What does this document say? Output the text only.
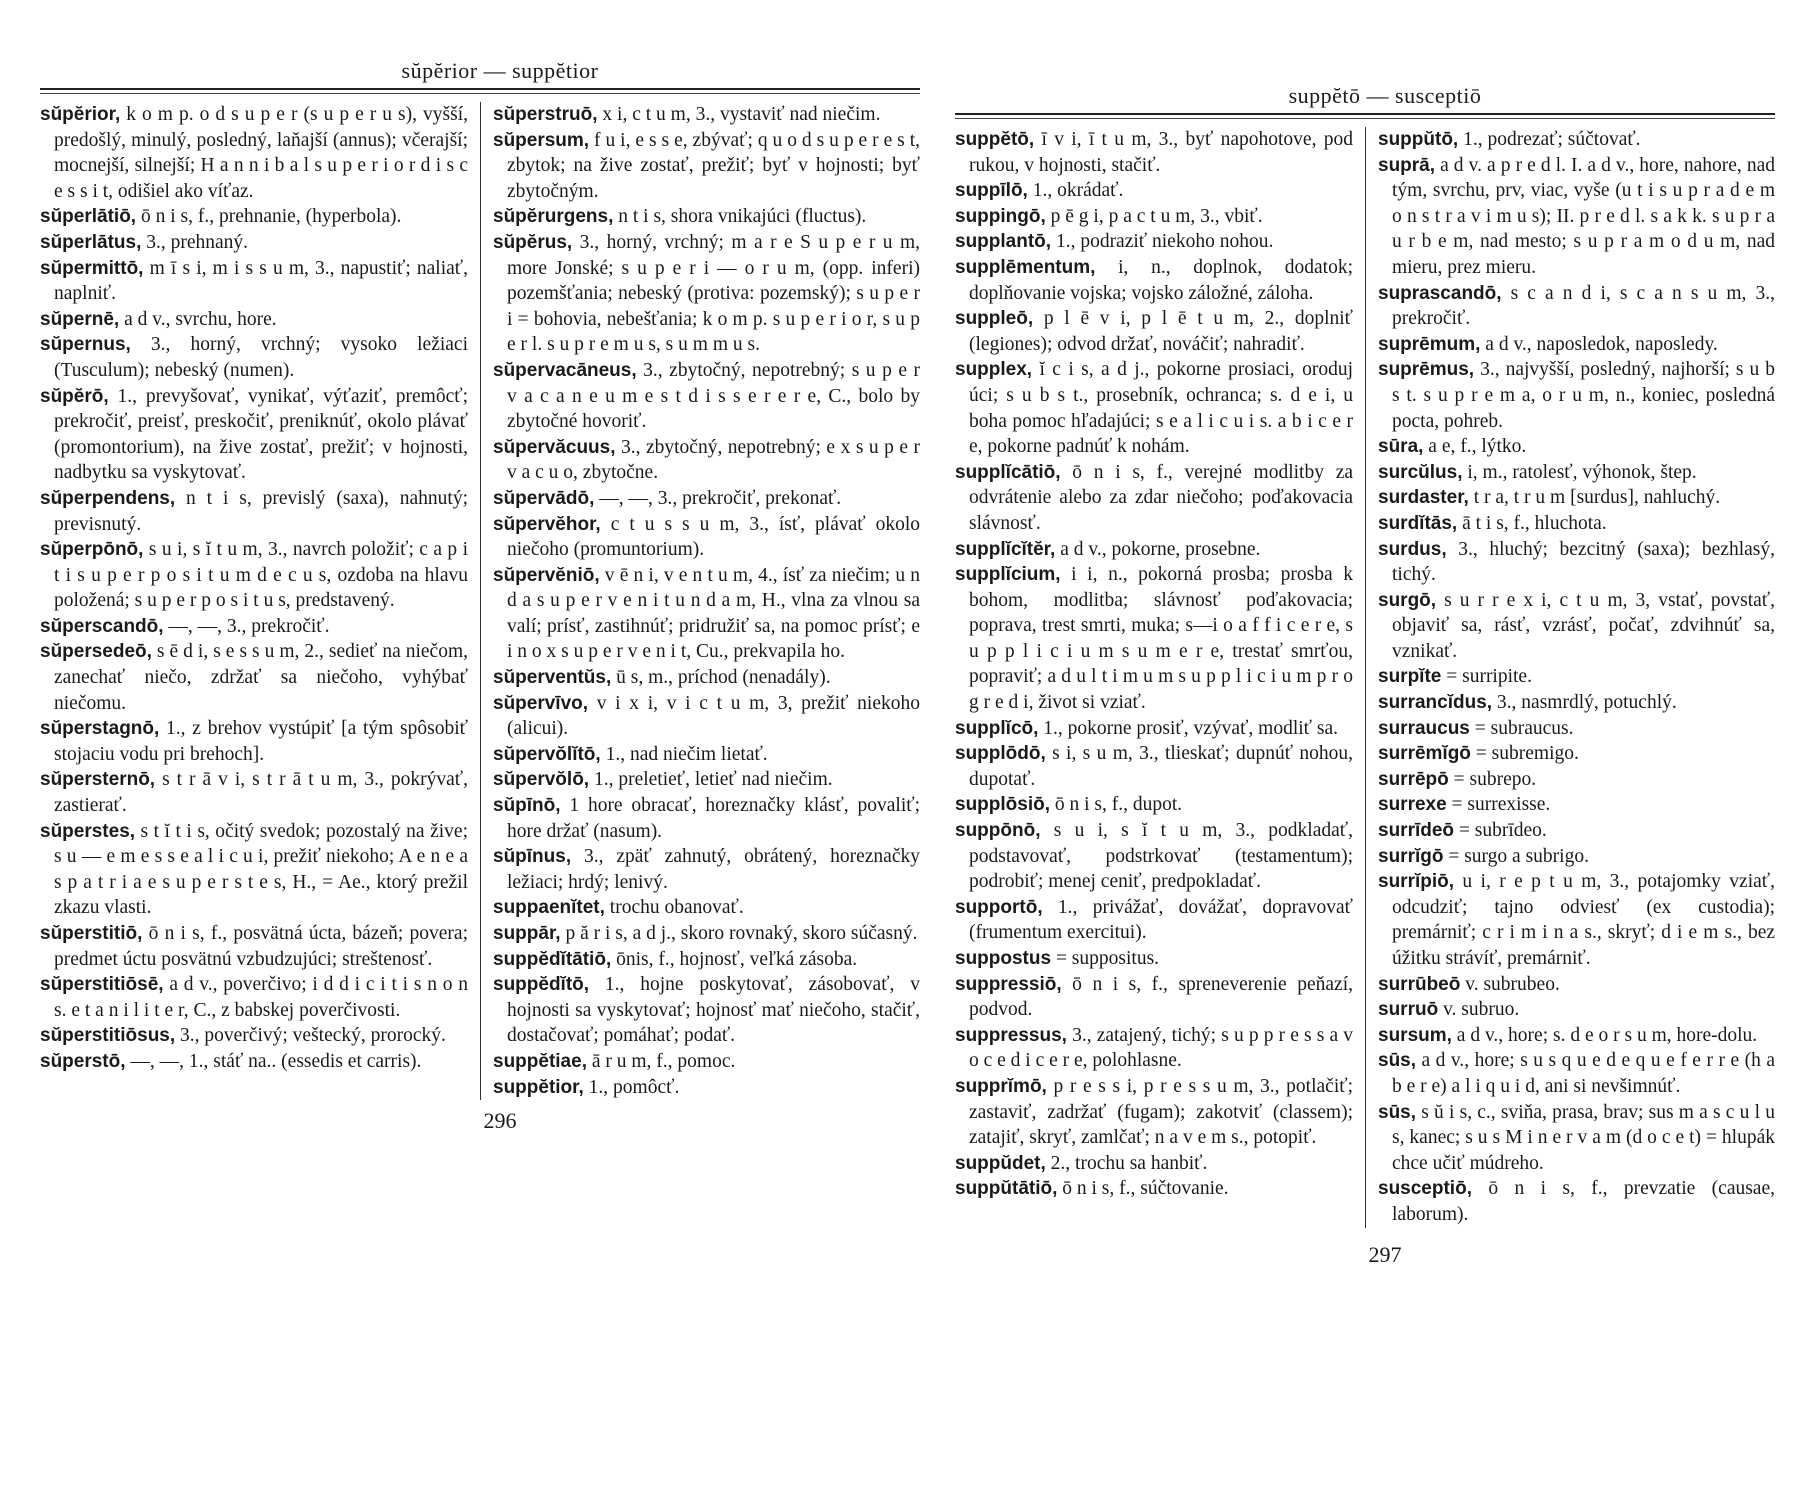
sŭpĕrior — suppĕtior

sŭpĕrior, k o m p. o d s u p e r (s u p e r u s), vyšší, predošlý, minulý, posledný, laňajší (annus); včerajší; mocnejší, silnejší; H a n n i b a l s u p e r i o r d i s c e s s i t, odišiel ako víťaz.

sŭperlātiō, ō n i s, f., prehnanie, (hyperbola).

sŭperlātus, 3., prehnaný.

sŭpermittō, m ī s i, m i s s u m, 3., napustiť; naliať, naplniť.

sŭpernē, a d v., svrchu, hore.

sŭpernus, 3., horný, vrchný; vysoko ležiaci (Tusculum); nebeský (numen).

sŭpĕrō, 1., prevyšovať, vynikať, výťaziť, premôcť; prekročiť, preisť, preskočiť, preniknúť, okolo plávať (promontorium), na žive zostať, prežiť; v hojnosti, nadbytku sa vyskytovať.

sŭperpendens, n t i s, previslý (saxa), nahnutý; previsnutý.

sŭperpōnō, s u i, s ĭ t u m, 3., navrch položiť; c a p i t i s u p e r p o s i t u m d e c u s, ozdoba na hlavu položená; s u p e r p o s i t u s, predstavený.

sŭperscandō, —, —, 3., prekročiť.

sŭpersedeō, s ē d i, s e s s u m, 2., sedieť na niečom, zanechať niečo, zdržať sa niečoho, vyhýbať niečomu.

sŭperstagnō, 1., z brehov vystúpiť [a tým spôsobiť stojaciu vodu pri brehoch].

sŭpersternō, s t r ā v i, s t r ā t u m, 3., pokrývať, zastierať.

sŭperstes, s t ĭ t i s, očitý svedok; pozostalý na žive; s u — e m e s s e a l i c u i, prežiť niekoho; A e n e a s p a t r i a e s u p e r s t e s, H., = Ae., ktorý prežil zkazu vlasti.

sŭperstitiō, ō n i s, f., posvätná úcta, bázeň; povera; predmet úctu posvätnú vzbudzujúci; streštenosť.

sŭperstitiōsē, a d v., poverčivo; i d d i c i t i s n o n s. e t a n i l i t e r, C., z babskej poverčivosti.

sŭperstitiōsus, 3., poverčivý; veštecký, prorocký.

sŭperstō, —, —, 1., stáť na.. (essedis et carris).

sŭperstruō, x i, c t u m, 3., vystaviť nad niečim.

sŭpersum, f u i, e s s e, zbývať; q u o d s u p e r e s t, zbytok; na žive zostať, prežiť; byť v hojnosti; byť zbytočným.

sŭpĕrurgens, n t i s, shora vnikajúci (fluctus).

sŭpĕrus, 3., horný, vrchný; m a r e S u p e r u m, more Jonské; s u p e r i — o r u m, (opp. inferi) pozemšťania; nebeský (protiva: pozemský); s u p e r i = bohovia, nebešťania; k o m p. s u p e r i o r, s u p e r l. s u p r e m u s, s u m m u s.

sŭpervacāneus, 3., zbytočný, nepotrebný; s u p e r v a c a n e u m e s t d i s s e r e r e, C., bolo by zbytočné hovoriť.

sŭpervăcuus, 3., zbytočný, nepotrebný; e x s u p e r v a c u o, zbytočne.

sŭpervādō, —, —, 3., prekročiť, prekonať.

sŭpervĕhor, c t u s s u m, 3., ísť, plávať okolo niečoho (promuntorium).

sŭpervĕniō, v ē n i, v e n t u m, 4., ísť za niečim; u n d a s u p e r v e n i t u n d a m, H., vlna za vlnou sa valí; prísť, zastihnúť; pridružiť sa, na pomoc prísť; e i n o x s u p e r v e n i t, Cu., prekvapila ho.

sŭperventŭs, ū s, m., príchod (nenadály).

sŭpervīvo, v i x i, v i c t u m, 3, prežiť niekoho (alicui).

sŭpervŏlĭtō, 1., nad niečim lietať.

sŭpervŏlō, 1., preletieť, letieť nad niečim.

sŭpīnō, 1 hore obracať, horeznačky klásť, povaliť; hore držať (nasum).

sŭpīnus, 3., zpäť zahnutý, obrátený, horeznačky ležiaci; hrdý; lenivý.

suppaenĭtet, trochu obanovať.

suppār, p ă r i s, a d j., skoro rovnaký, skoro súčasný.

suppĕdĭtātiō, ōnis, f., hojnosť, veľká zásoba.

suppĕdĭtō, 1., hojne poskytovať, zásobovať, v hojnosti sa vyskytovať; hojnosť mať niečoho, stačiť, dostačovať; pomáhať; podať.

suppĕtiae, ā r u m, f., pomoc.

suppĕtior, 1., pomôcť.

296
suppĕtō — susceptiō

suppĕtō, ī v i, ī t u m, 3., byť napohotove, pod rukou, v hojnosti, stačiť.

suppīlō, 1., okrádať.

suppingō, p ē g i, p a c t u m, 3., vbiť.

supplantō, 1., podraziť niekoho nohou.

supplēmentum, i, n., doplnok, dodatok; doplňovanie vojska; vojsko záložné, záloha.

suppleō, p l ē v i, p l ē t u m, 2., doplniť (legiones); odvod držať, nováčiť; nahradiť.

supplex, ĭ c i s, a d j., pokorne prosiaci, oroduj​úci; s u b s t., prosebník, ochranca; s. d e i, u boha pomoc hľadajúci; s e a l i c u i s. a b i c e r e, pokorne padnúť k nohám.

supplĭcātiō, ō n i s, f., verejné modlitby za odvrátenie alebo za zdar niečoho; poďakovacia slávnosť.

supplĭcĭtĕr, a d v., pokorne, prosebne.

supplĭcium, i i, n., pokorná prosba; prosba k bohom, modlitba; slávnosť poďakovacia; poprava, trest smrti, muka; s—i o a f f i c e r e, s u p p l i c i u m s u m e r e, trestať smrťou, popraviť; a d u l t i m u m s u p p l i c i u m p r o g r e d i, život si vziať.

supplĭcō, 1., pokorne prosiť, vzývať, modliť sa.

supplōdō, s i, s u m, 3., tlieskať; dupnúť nohou, dupotať.

supplōsiō, ō n i s, f., dupot.

suppōnō, s u i, s ĭ t u m, 3., podkladať, podstavovať, podstrkovať (testamentum); podrobiť; menej ceniť, predpokladať.

supportō, 1., privážať, dovážať, dopravovať (frumentum exercitui).

suppostus = suppositus.

suppressiō, ō n i s, f., spreneverenie peňazí, podvod.

suppressus, 3., zatajený, tichý; s u p p r e s s a v o c e d i c e r e, polohlasne.

supprĭmō, p r e s s i, p r e s s u m, 3., potlačiť; zastaviť, zadržať (fugam); zakotviť (classem); zatajiť, skryť, zamlčať; n a v e m s., potopiť.

suppŭdet, 2., trochu sa hanbiť.

suppŭtātiō, ō n i s, f., súčtovanie.

suppŭtō, 1., podrezať; súčtovať.

suprā, a d v. a p r e d l. I. a d v., hore, nahore, nad tým, svrchu, prv, viac, vyše (u t i s u p r a d e m o n s t r a v i m u s); II. p r e d l. s a k k. s u p r a u r b e m, nad mesto; s u p r a m o d u m, nad mieru, prez mieru.

suprascandō, s c a n d i, s c a n s u m, 3., prekročiť.

suprēmum, a d v., naposledok, naposledy.

suprēmus, 3., najvyšší, posledný, najhorší; s u b s t. s u p r e m a, o r u m, n., koniec, posledná pocta, pohreb.

sūra, a e, f., lýtko.

surcŭlus, i, m., ratolesť, výhonok, štep.

surdaster, t r a, t r u m [surdus], nahluchý.

surdĭtās, ā t i s, f., hluchota.

surdus, 3., hluchý; bezcitný (saxa); bezhlasý, tichý.

surgō, s u r r e x i, c t u m, 3, vstať, povstať, objaviť sa, rásť, vzrásť, počať, zdvihnúť sa, vznikať.

surpĭte = surripite.

surrancĭdus, 3., nasmrdlý, potuchlý.

surraucus = subraucus.

surrēmĭgō = subremigo.

surrēpō = subrepo.

surrexe = surrexisse.

surrīdeō = subrīdeo.

surrĭgō = surgo a subrigo.

surrĭpiō, u i, r e p t u m, 3., potajomky vziať, odcudziť; tajno odviesť (ex custodia); premárniť; c r i m i n a s., skryť; d i e m s., bez úžitku strávíť, premárniť.

surrūbeō v. subrubeo.

surruō v. subruo.

sursum, a d v., hore; s. d e o r s u m, hore-dolu.

sūs, a d v., hore; s u s q u e d e q u e f e r r e (h a b e r e) a l i q u i d, ani si nevšimnúť.

sūs, s ŭ i s, c., sviňa, prasa, brav; sus m a s c u l u s, kanec; s u s M i n e r v a m (d o c e t) = hlupák chce učiť múdreho.

susceptiō, ō n i s, f., prevzatie (causae, laborum).

297
